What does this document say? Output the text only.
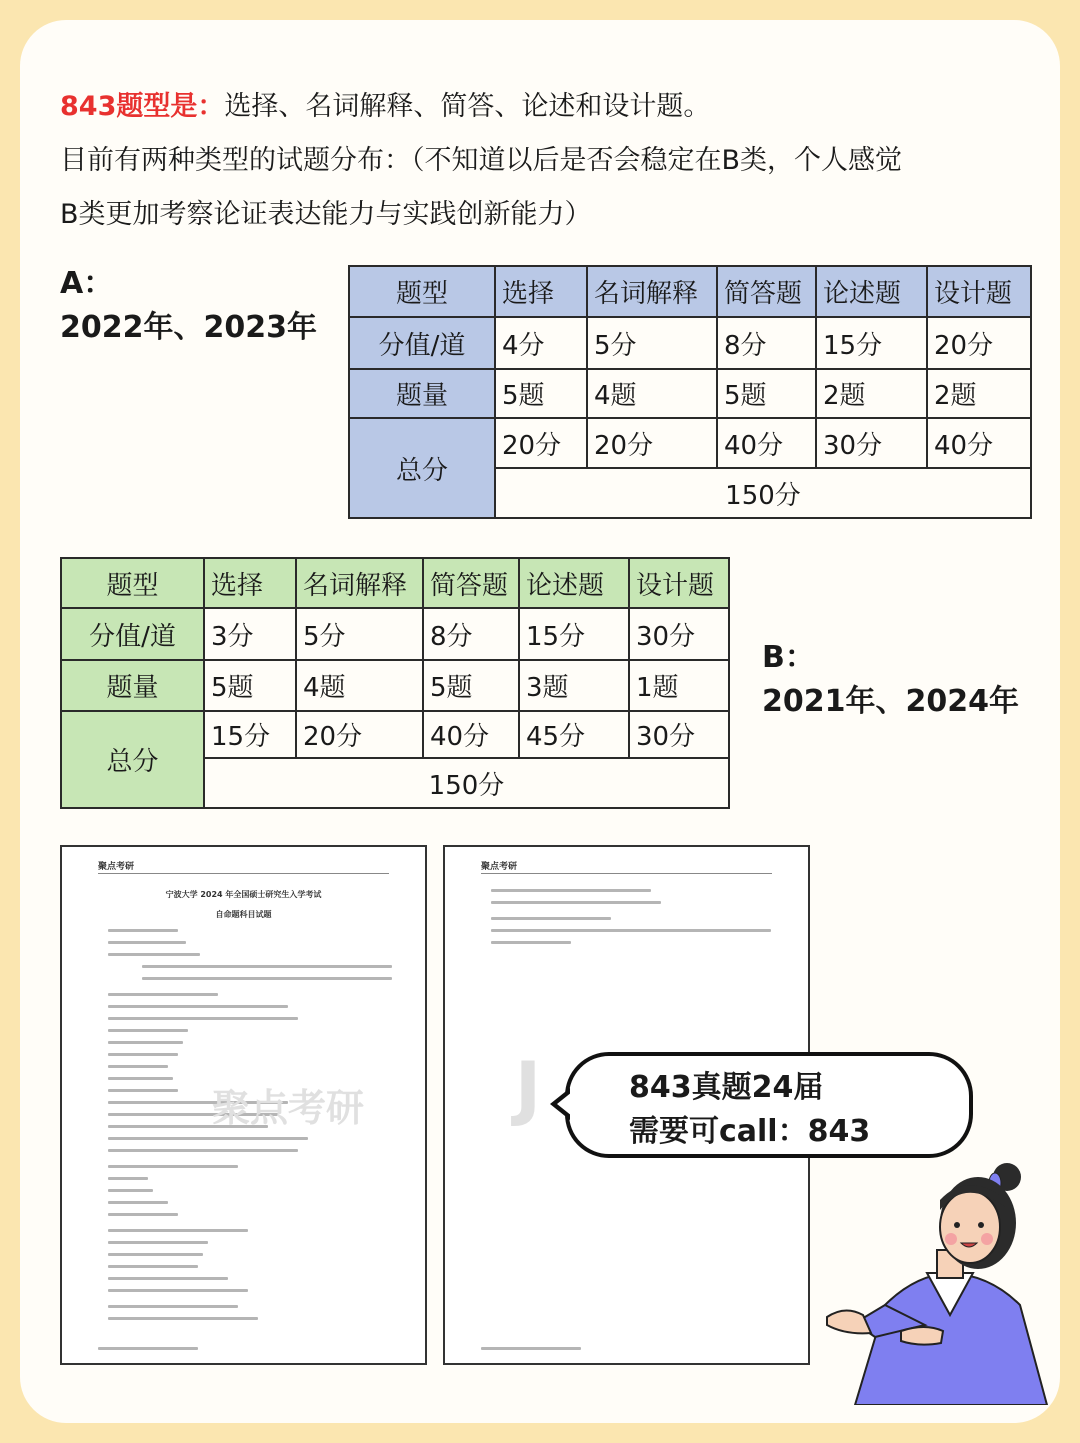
843题型是：选择、名词解释、简答、论述和设计题。
目前有两种类型的试题分布：（不知道以后是否会稳定在B类，个人感觉
B类更加考察论证表达能力与实践创新能力）
A：
2022年、2023年
题型	选择	名词解释	简答题	论述题	设计题
分值/道	4分	5分	8分	15分	20分
题量	5题	4题	5题	2题	2题
总分	20分	20分	40分	30分	40分
	150分				
题型	选择	名词解释	简答题	论述题	设计题
分值/道	3分	5分	8分	15分	30分
题量	5题	4题	5题	3题	1题
总分	15分	20分	40分	45分	30分
	150分				
B：
2021年、2024年
聚点考研
宁波大学 2024 年全国硕士研究生入学考试
自命题科目试题
聚点考研
聚点考研
J	843真题24届
需要可call：843
